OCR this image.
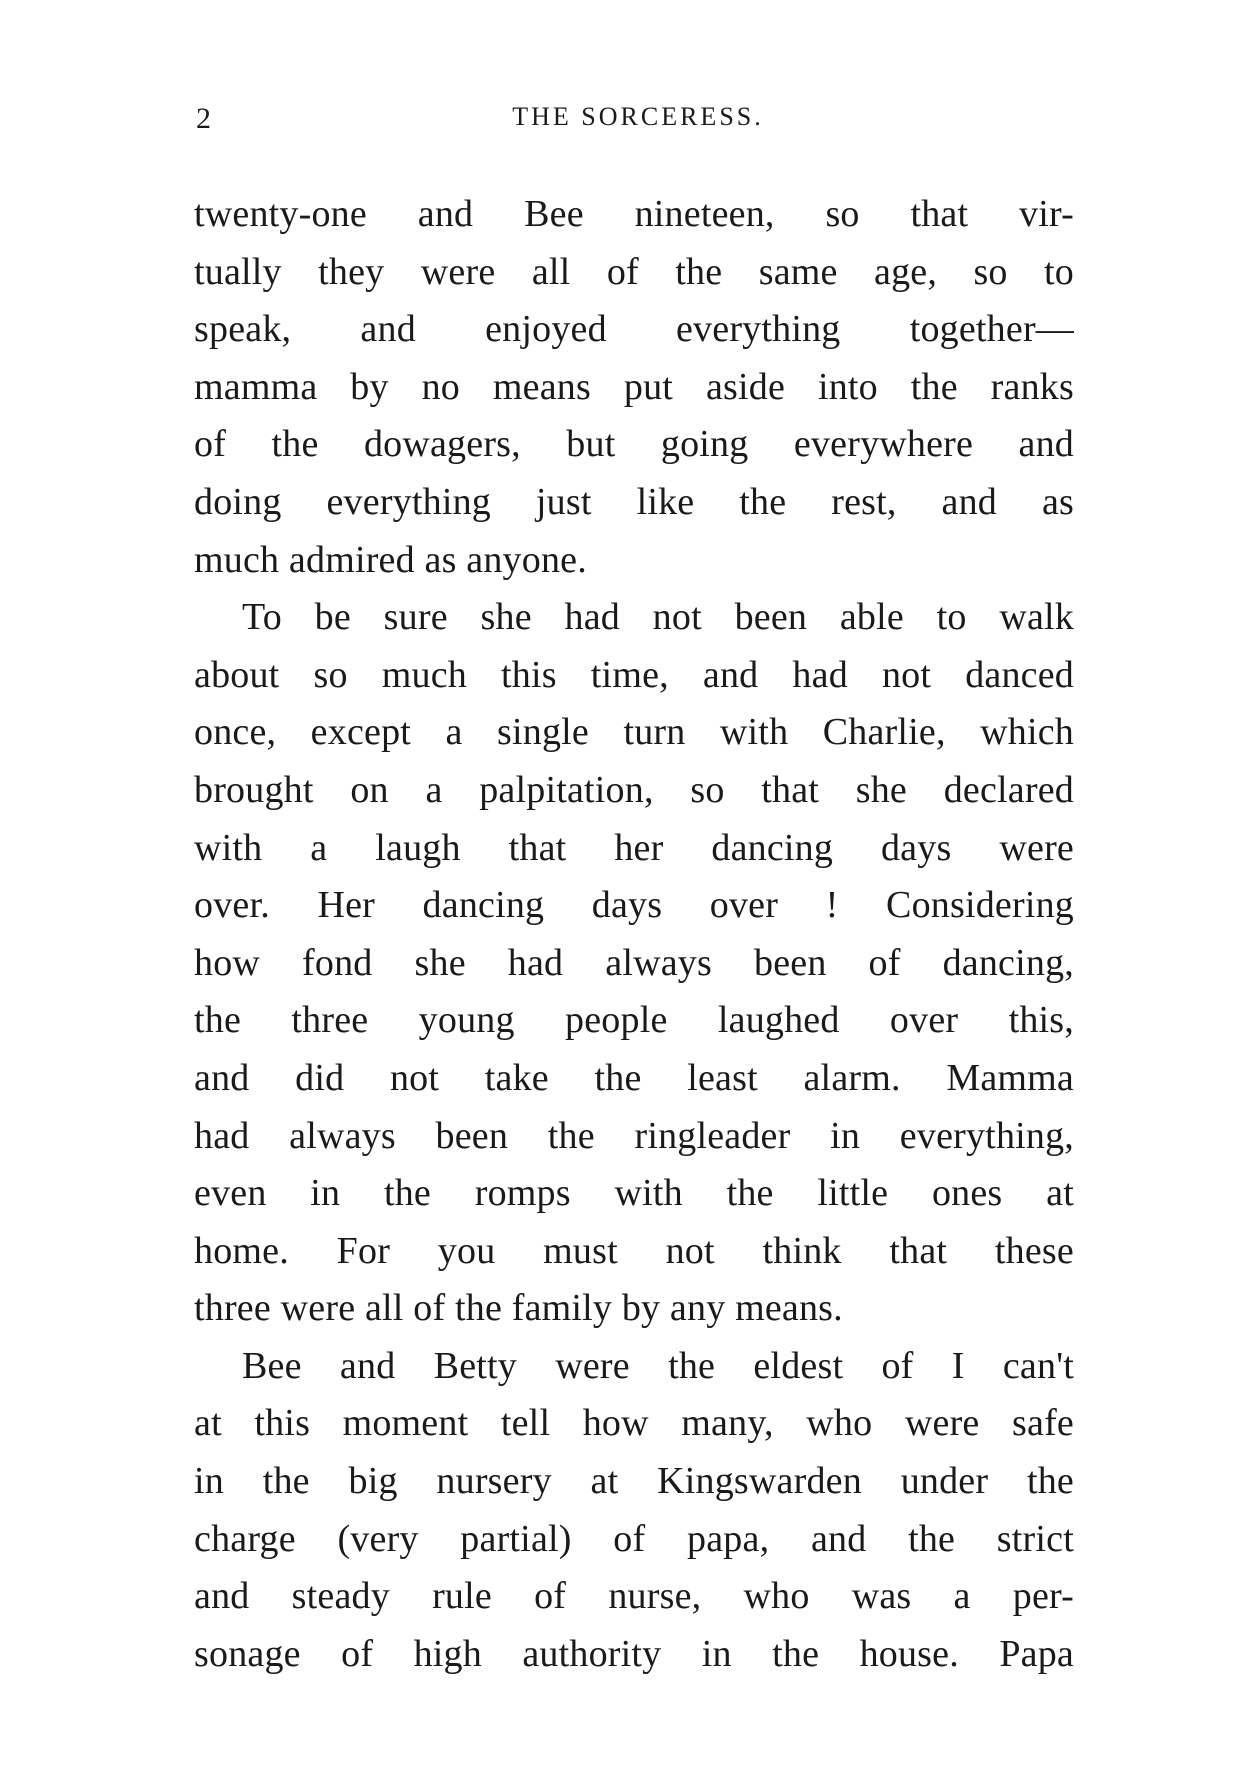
2	THE SORCERESS.
twenty-one and Bee nineteen, so that vir-
tually they were all of the same age, so to
speak, and enjoyed everything together—
mamma by no means put aside into the ranks
of the dowagers, but going everywhere and
doing everything just like the rest, and as
much admired as anyone.
To be sure she had not been able to walk
about so much this time, and had not danced
once, except a single turn with Charlie, which
brought on a palpitation, so that she declared
with a laugh that her dancing days were
over. Her dancing days over ! Considering
how fond she had always been of dancing,
the three young people laughed over this,
and did not take the least alarm. Mamma
had always been the ringleader in everything,
even in the romps with the little ones at
home. For you must not think that these
three were all of the family by any means.
Bee and Betty were the eldest of I can't
at this moment tell how many, who were safe
in the big nursery at Kingswarden under the
charge (very partial) of papa, and the strict
and steady rule of nurse, who was a per-
sonage of high authority in the house. Papa
